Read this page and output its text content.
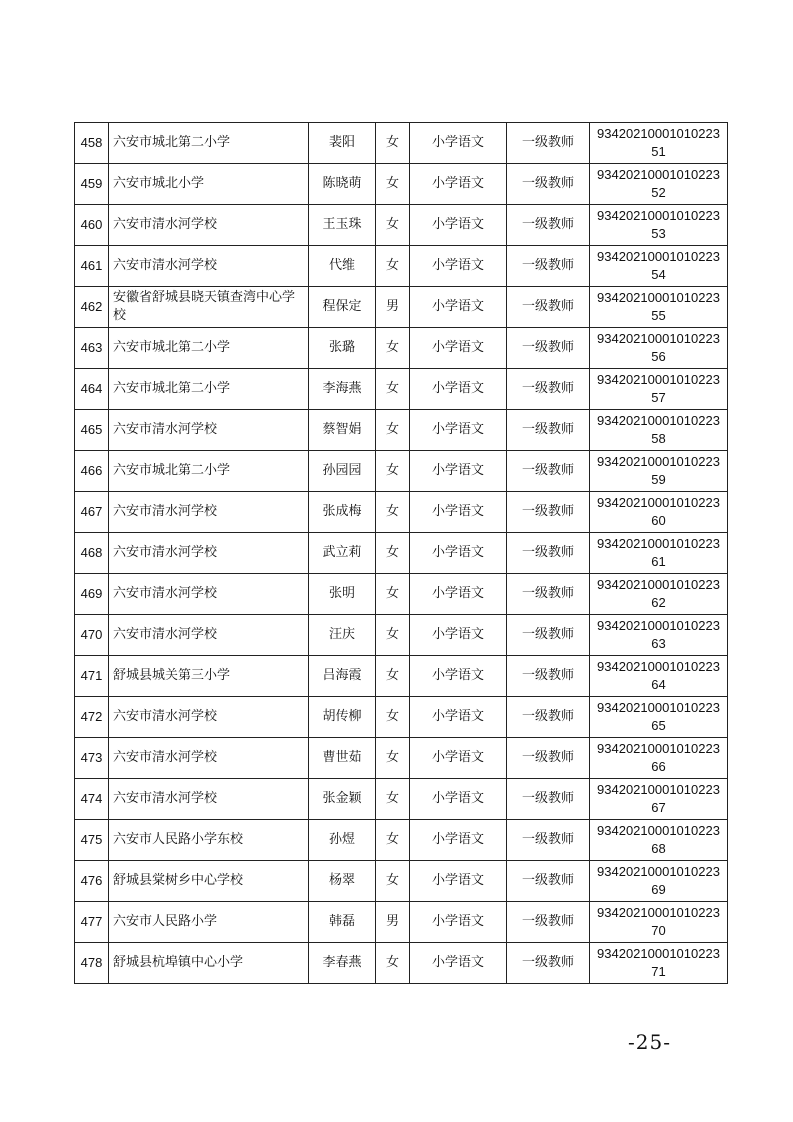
458	六安市城北第二小学	裴阳	女	小学语文	一级教师	9342021000101022351
459	六安市城北小学	陈晓萌	女	小学语文	一级教师	9342021000101022352
460	六安市清水河学校	王玉珠	女	小学语文	一级教师	9342021000101022353
461	六安市清水河学校	代维	女	小学语文	一级教师	9342021000101022354
462	安徽省舒城县晓天镇查湾中心学校	程保定	男	小学语文	一级教师	9342021000101022355
463	六安市城北第二小学	张璐	女	小学语文	一级教师	9342021000101022356
464	六安市城北第二小学	李海燕	女	小学语文	一级教师	9342021000101022357
465	六安市清水河学校	蔡智娟	女	小学语文	一级教师	9342021000101022358
466	六安市城北第二小学	孙园园	女	小学语文	一级教师	9342021000101022359
467	六安市清水河学校	张成梅	女	小学语文	一级教师	9342021000101022360
468	六安市清水河学校	武立莉	女	小学语文	一级教师	9342021000101022361
469	六安市清水河学校	张明	女	小学语文	一级教师	9342021000101022362
470	六安市清水河学校	汪庆	女	小学语文	一级教师	9342021000101022363
471	舒城县城关第三小学	吕海霞	女	小学语文	一级教师	9342021000101022364
472	六安市清水河学校	胡传柳	女	小学语文	一级教师	9342021000101022365
473	六安市清水河学校	曹世茹	女	小学语文	一级教师	9342021000101022366
474	六安市清水河学校	张金颖	女	小学语文	一级教师	9342021000101022367
475	六安市人民路小学东校	孙煜	女	小学语文	一级教师	9342021000101022368
476	舒城县棠树乡中心学校	杨翠	女	小学语文	一级教师	9342021000101022369
477	六安市人民路小学	韩磊	男	小学语文	一级教师	9342021000101022370
478	舒城县杭埠镇中心小学	李春燕	女	小学语文	一级教师	9342021000101022371
-25-
